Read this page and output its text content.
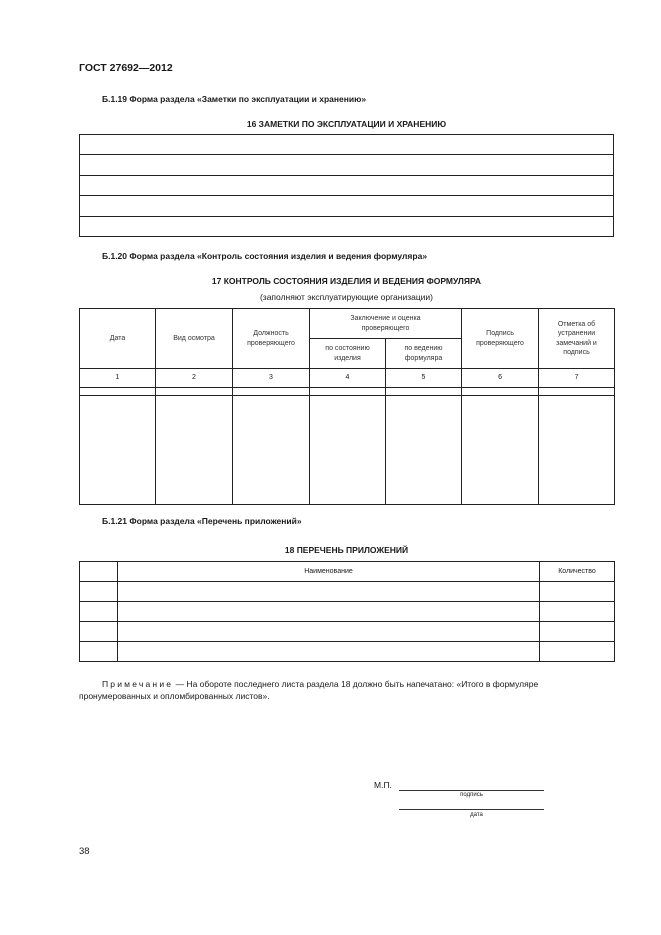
ГОСТ 27692—2012
Б.1.19 Форма раздела «Заметки по эксплуатации и хранению»
16 ЗАМЕТКИ ПО ЭКСПЛУАТАЦИИ И ХРАНЕНИЮ

Б.1.20 Форма раздела «Контроль состояния изделия и ведения формуляра»
17 КОНТРОЛЬ СОСТОЯНИЯ ИЗДЕЛИЯ И ВЕДЕНИЯ ФОРМУЛЯРА
(заполняют эксплуатирующие организации)
Дата	Вид осмотра	Должность проверяющего	Заключение и оценка проверяющего		Подпись проверяющего	Отметка об устранении замечаний и подпись
			по состоянию изделия	по ведению формуляра		
1	2	3	4	5	6	7

Б.1.21 Форма раздела «Перечень приложений»
18 ПЕРЕЧЕНЬ ПРИЛОЖЕНИЙ
	Наименование	Количество

Примечание — На обороте последнего листа раздела 18 должно быть напечатано: «Итого в формуляре
пронумерованных и опломбированных листов».
М.П.
подпись
дата
38
